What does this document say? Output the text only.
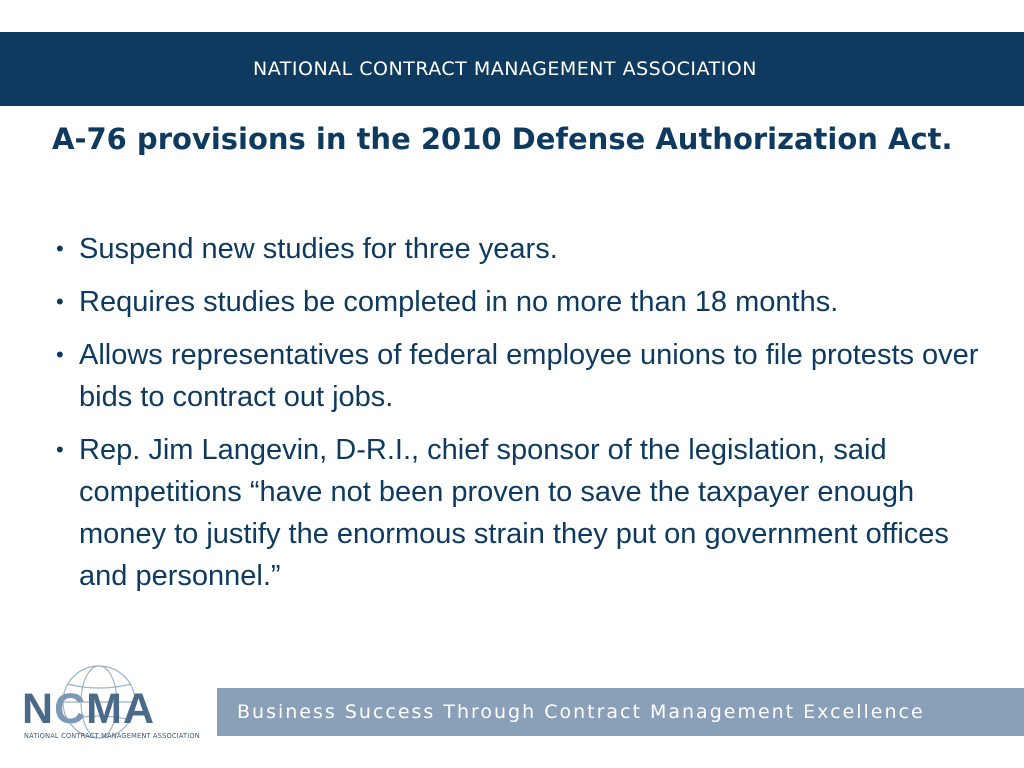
NATIONAL CONTRACT MANAGEMENT ASSOCIATION
A-76 provisions in the 2010 Defense Authorization Act.
• Suspend new studies for three years.
• Requires studies be completed in no more than 18 months.
• Allows representatives of federal employee unions to file protests over bids to contract out jobs.
• Rep. Jim Langevin, D-R.I., chief sponsor of the legislation, said competitions “have not been proven to save the taxpayer enough money to justify the enormous strain they put on government offices and personnel.”
NCMA
NATIONAL CONTRACT MANAGEMENT ASSOCIATION
Business Success Through Contract Management Excellence
